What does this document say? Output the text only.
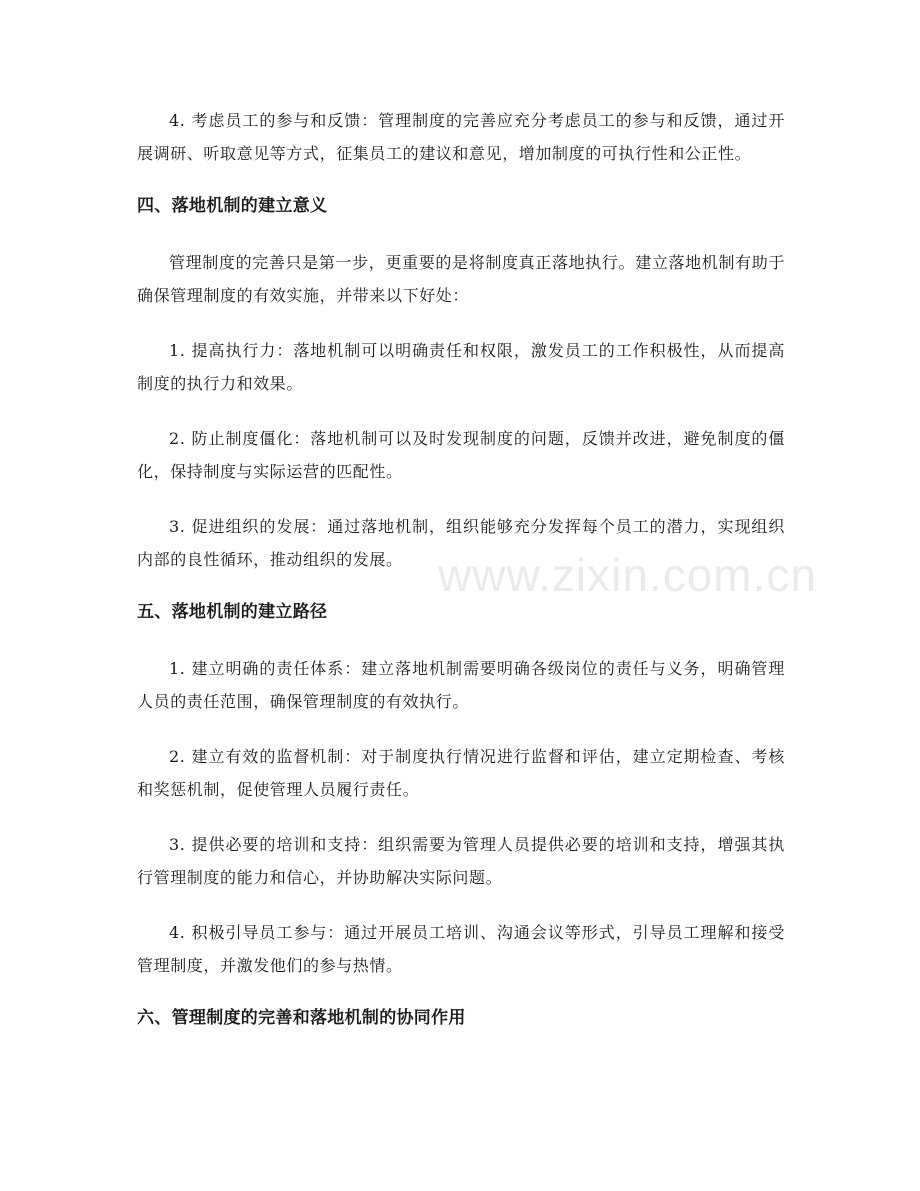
4. 考虑员工的参与和反馈：管理制度的完善应充分考虑员工的参与和反馈，通过开展调研、听取意见等方式，征集员工的建议和意见，增加制度的可执行性和公正性。

四、落地机制的建立意义

管理制度的完善只是第一步，更重要的是将制度真正落地执行。建立落地机制有助于确保管理制度的有效实施，并带来以下好处：

1. 提高执行力：落地机制可以明确责任和权限，激发员工的工作积极性，从而提高制度的执行力和效果。

2. 防止制度僵化：落地机制可以及时发现制度的问题，反馈并改进，避免制度的僵化，保持制度与实际运营的匹配性。

3. 促进组织的发展：通过落地机制，组织能够充分发挥每个员工的潜力，实现组织内部的良性循环，推动组织的发展。

五、落地机制的建立路径

1. 建立明确的责任体系：建立落地机制需要明确各级岗位的责任与义务，明确管理人员的责任范围，确保管理制度的有效执行。

2. 建立有效的监督机制：对于制度执行情况进行监督和评估，建立定期检查、考核和奖惩机制，促使管理人员履行责任。

3. 提供必要的培训和支持：组织需要为管理人员提供必要的培训和支持，增强其执行管理制度的能力和信心，并协助解决实际问题。

4. 积极引导员工参与：通过开展员工培训、沟通会议等形式，引导员工理解和接受管理制度，并激发他们的参与热情。

六、管理制度的完善和落地机制的协同作用
www.zixin.com.cn
